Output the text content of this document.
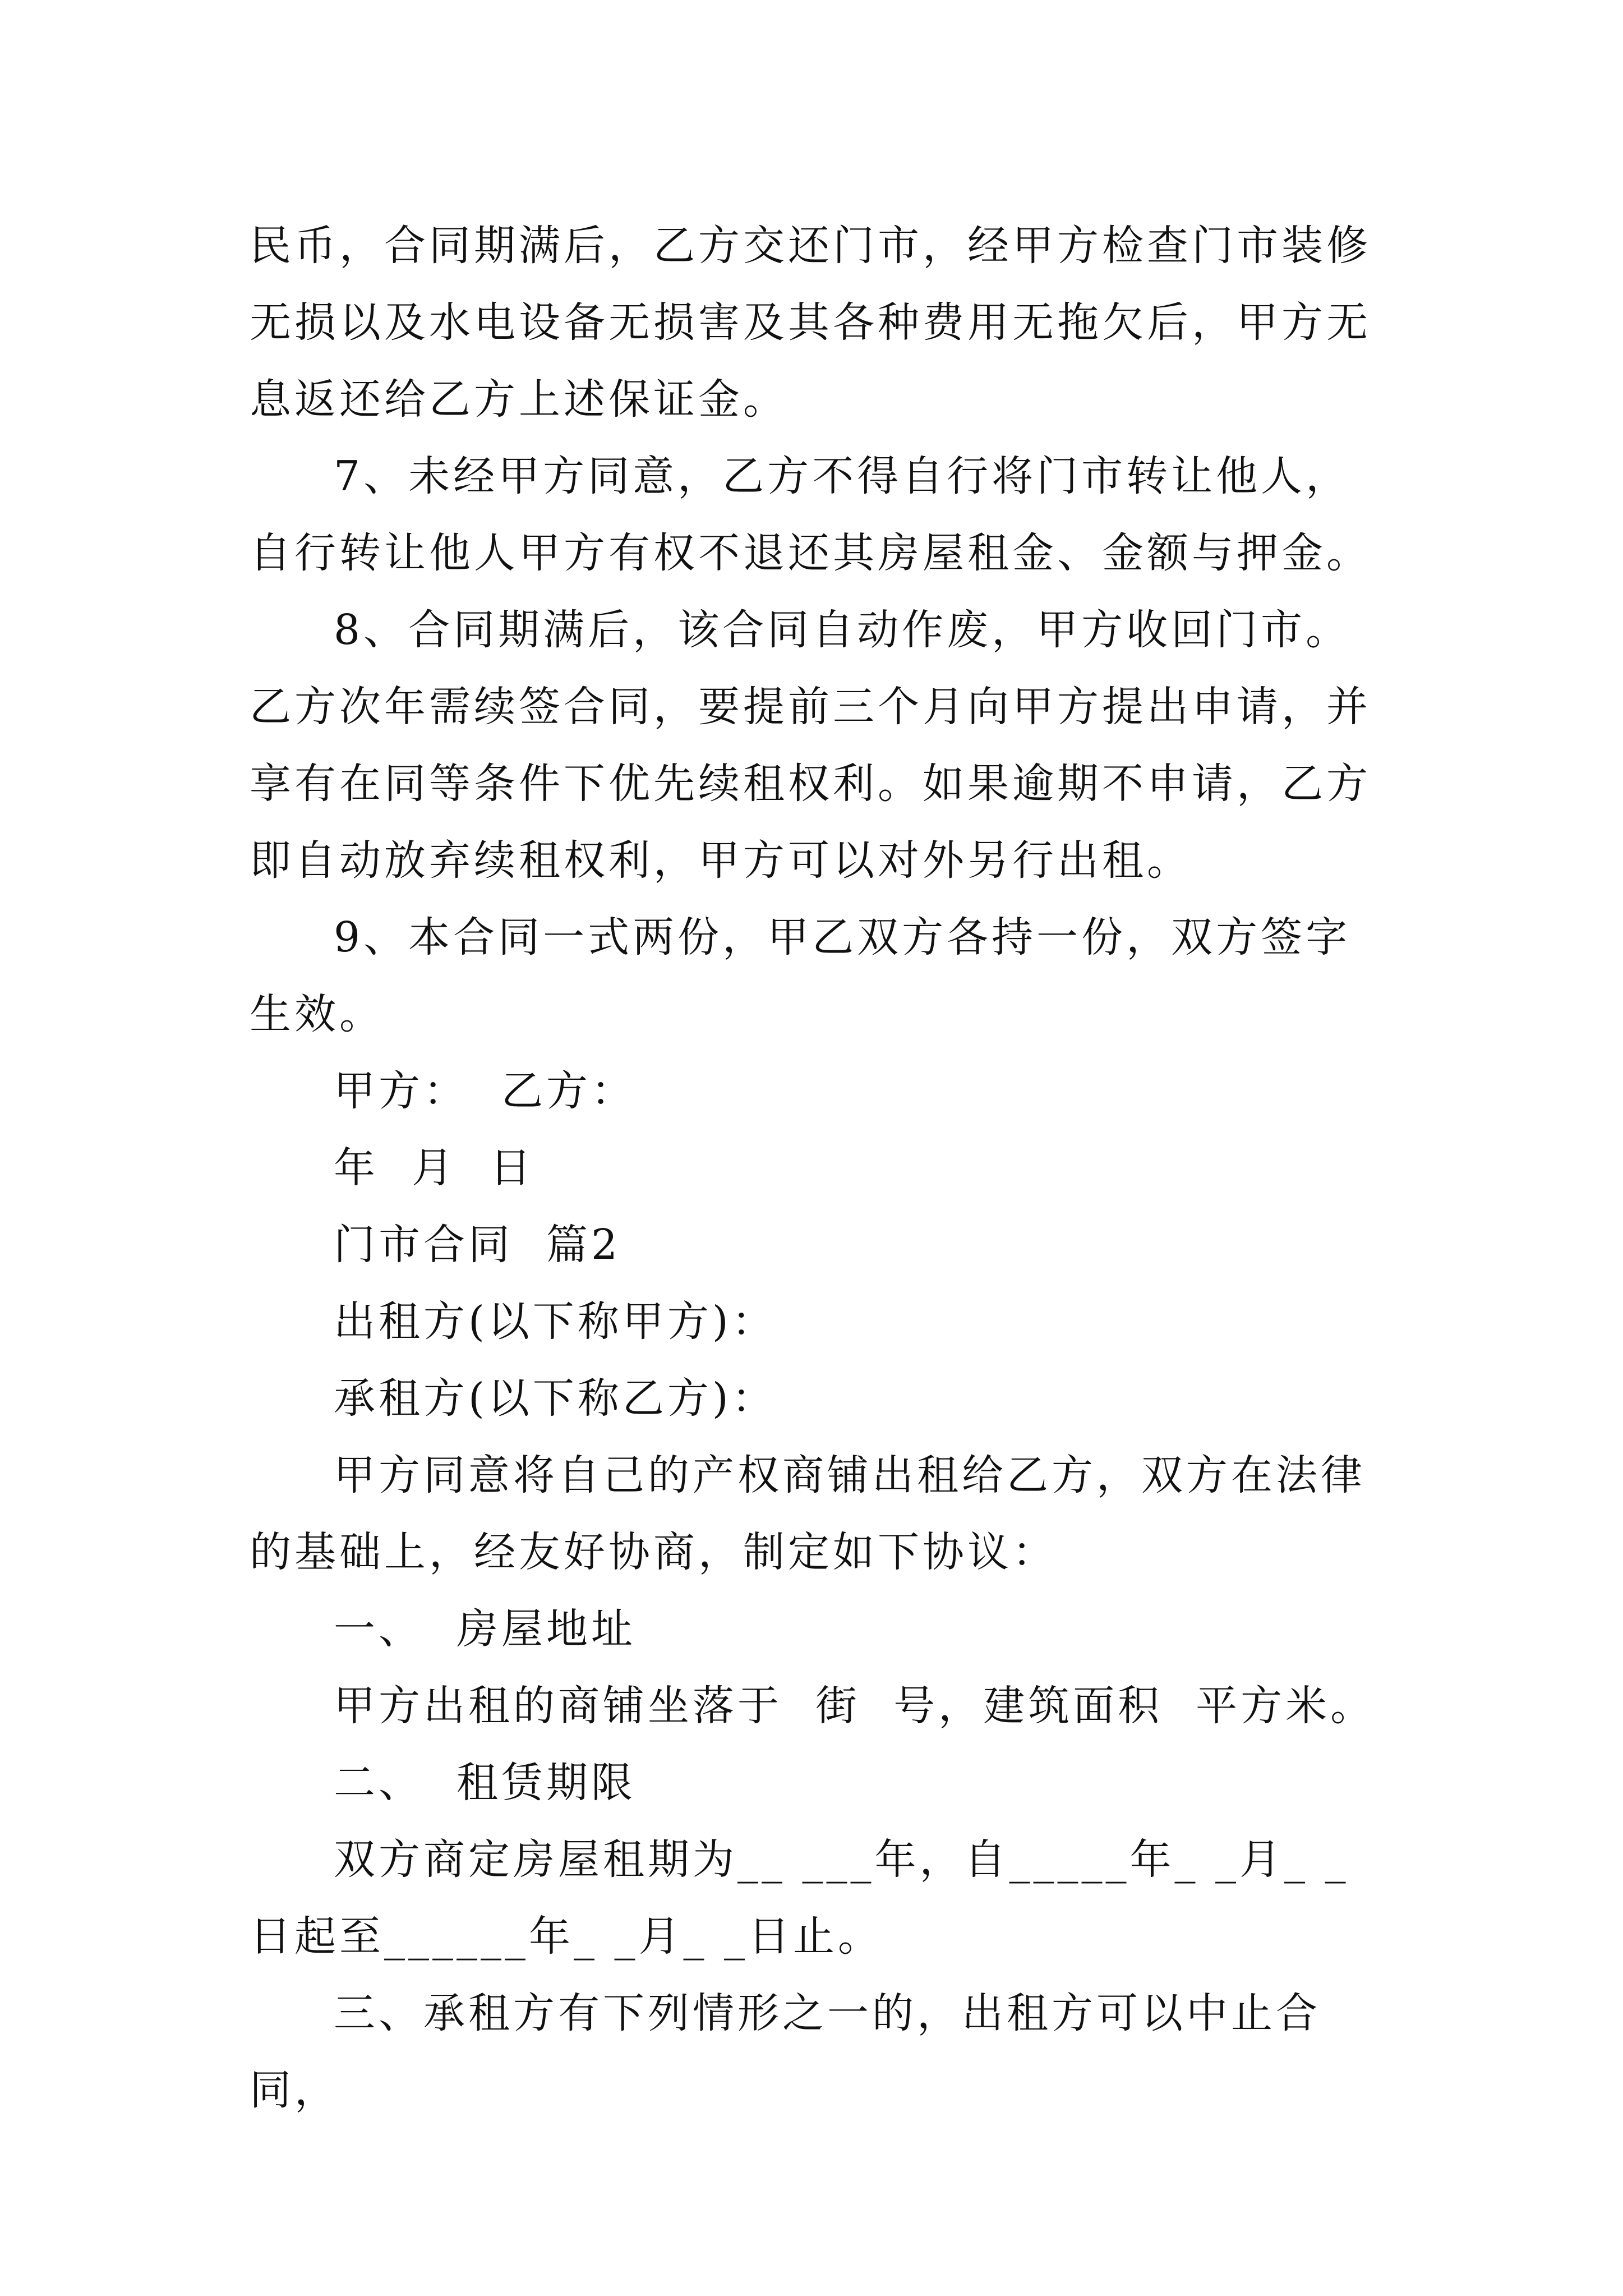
民币，合同期满后，乙方交还门市，经甲方检查门市装修无损以及水电设备无损害及其各种费用无拖欠后，甲方无息返还给乙方上述保证金。

7、未经甲方同意，乙方不得自行将门市转让他人，自行转让他人甲方有权不退还其房屋租金、金额与押金。

8、合同期满后，该合同自动作废，甲方收回门市。乙方次年需续签合同，要提前三个月向甲方提出申请，并享有在同等条件下优先续租权利。如果逾期不申请，乙方即自动放弃续租权利，甲方可以对外另行出租。

9、本合同一式两份，甲乙双方各持一份，双方签字生效。

甲方：  乙方：

年  月  日

门市合同  篇2

出租方(以下称甲方)：

承租方(以下称乙方)：

甲方同意将自己的产权商铺出租给乙方，双方在法律的基础上，经友好协商，制定如下协议：

一、  房屋地址

甲方出租的商铺坐落于  街  号，建筑面积  平方米。

二、  租赁期限

双方商定房屋租期为__ ___年，自_____年_ _月_ _日起至______年_ _月_ _日止。

三、承租方有下列情形之一的，出租方可以中止合同，
